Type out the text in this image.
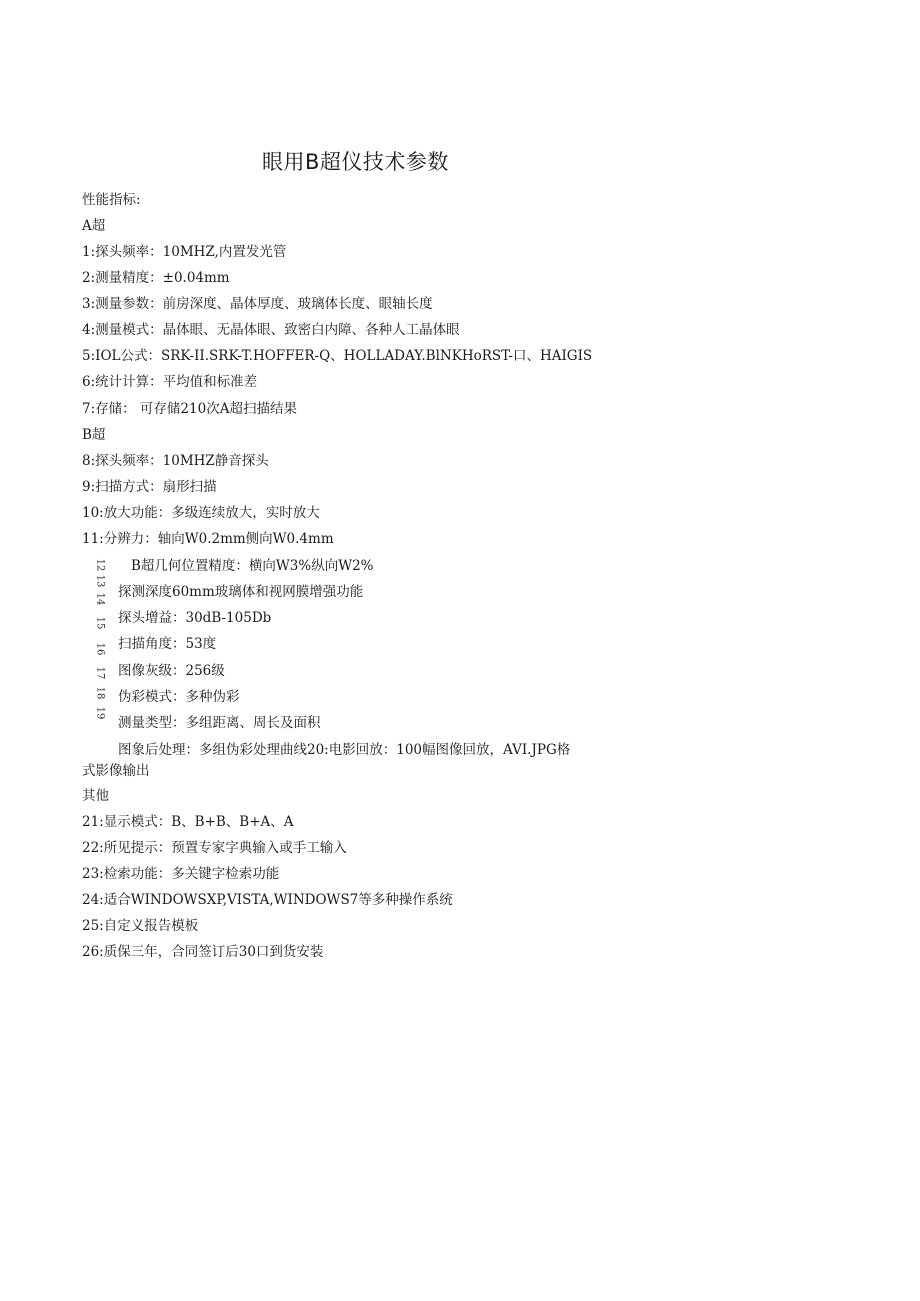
眼用B超仪技术参数
性能指标:
A超
1:探头频率：10MHZ,内置发光管
2:测量精度：±0.04mm
3:测量参数：前房深度、晶体厚度、玻璃体长度、眼轴长度
4:测量模式：晶体眼、无晶体眼、致密白内障、各种人工晶体眼
5:IOL公式：SRK-II.SRK-T.HOFFER-Q、HOLLADAY.BlNKHoRST-口、HAIGIS
6:统计计算：平均值和标准差
7:存储： 可存储210次A超扫描结果
B超
8:探头频率：10MHZ静音探头
9:扫描方式：扇形扫描
10:放大功能：多级连续放大，实时放大
11:分辨力：轴向W0.2mm侧向W0.4mm
12
13
14
15
16
17
18
19
B超几何位置精度：横向W3%纵向W2%
探测深度60mm玻璃体和视网膜增强功能
探头增益：30dB-105Db
扫描角度：53度
图像灰级：256级
伪彩模式：多种伪彩
测量类型：多组距离、周长及面积
图象后处理：多组伪彩处理曲线20:电影回放：100幅图像回放，AVI.JPG格
式影像输出
其他
21:显示模式：B、B+B、B+A、A
22:所见提示：预置专家字典输入或手工输入
23:检索功能：多关键字检索功能
24:适合WINDOWSXP,VISTA,WINDOWS7等多种操作系统
25:自定义报告模板
26:质保三年，合同签订后30口到货安装
